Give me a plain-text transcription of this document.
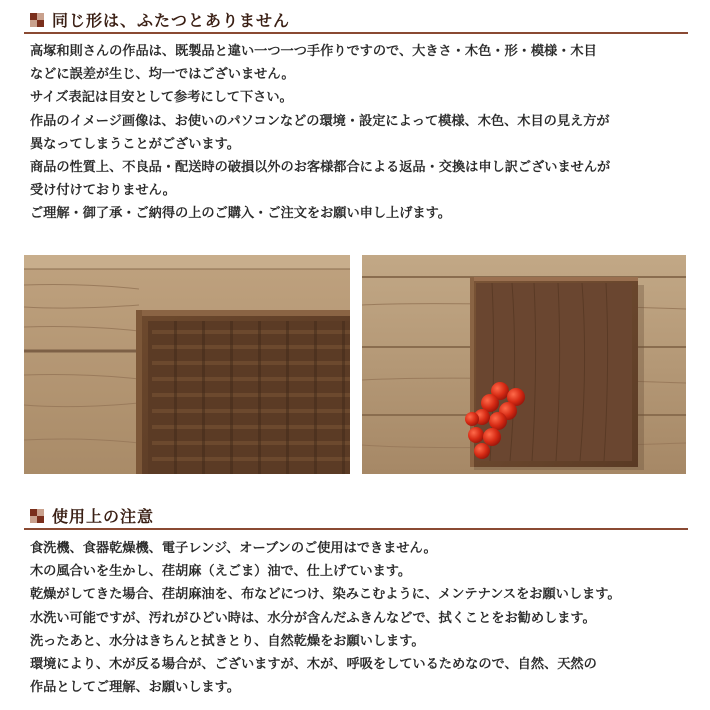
同じ形は、ふたつとありません

高塚和則さんの作品は、既製品と違い一つ一つ手作りですので、大きさ・木色・形・模様・木目

などに誤差が生じ、均一ではございません。

サイズ表記は目安として参考にして下さい。

作品のイメージ画像は、お使いのパソコンなどの環境・設定によって模様、木色、木目の見え方が

異なってしまうことがございます。

商品の性質上、不良品・配送時の破損以外のお客様都合による返品・交換は申し訳ございませんが

受け付けておりません。

ご理解・御了承・ご納得の上のご購入・ご注文をお願い申し上げます。

使用上の注意

食洗機、食器乾燥機、電子レンジ、オーブンのご使用はできません。

木の風合いを生かし、荏胡麻（えごま）油で、仕上げています。

乾燥がしてきた場合、荏胡麻油を、布などにつけ、染みこむように、メンテナンスをお願いします。

水洗い可能ですが、汚れがひどい時は、水分が含んだふきんなどで、拭くことをお勧めします。

洗ったあと、水分はきちんと拭きとり、自然乾燥をお願いします。

環境により、木が反る場合が、ございますが、木が、呼吸をしているためなので、自然、天然の

作品としてご理解、お願いします。
